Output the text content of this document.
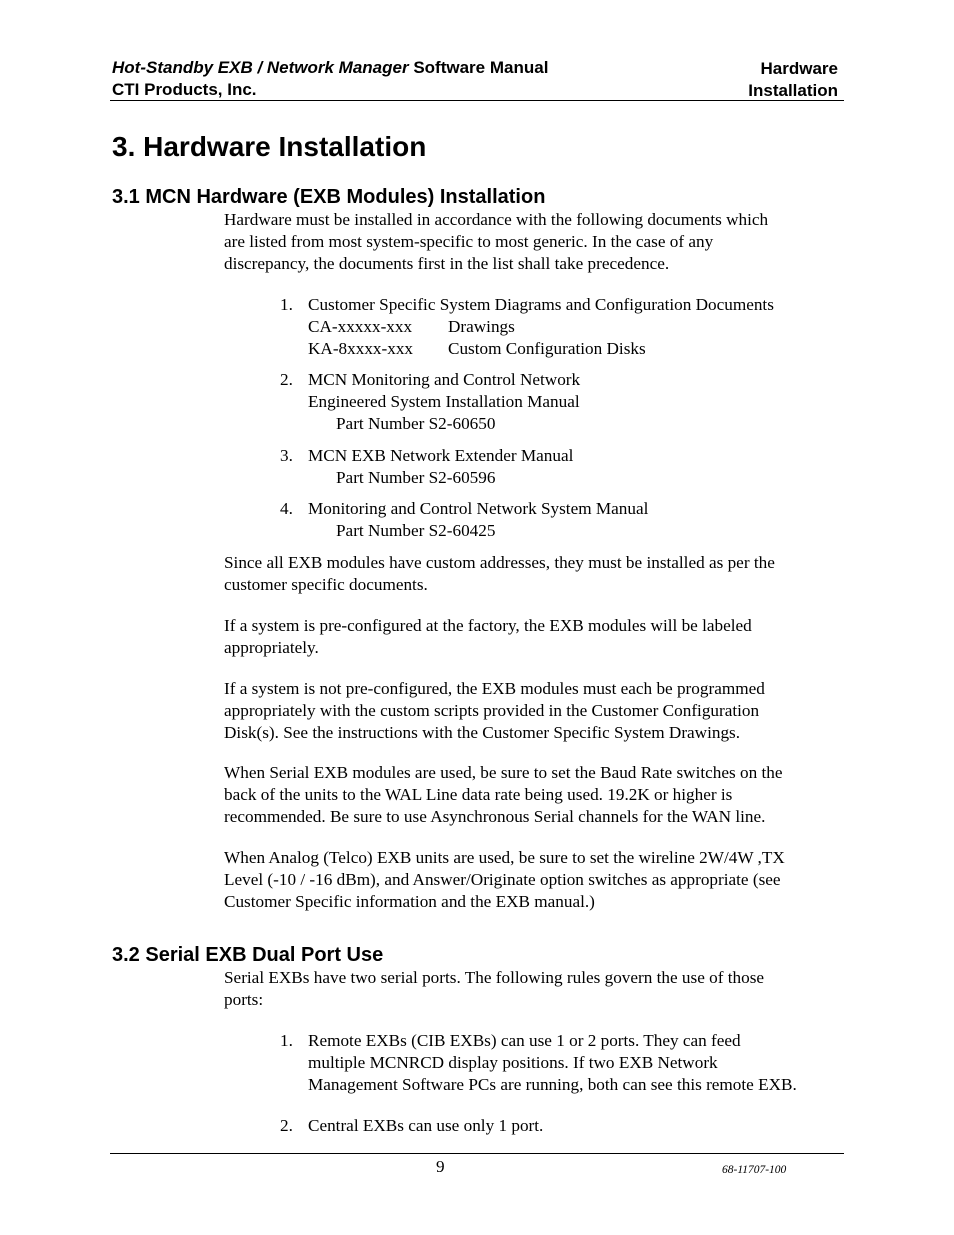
Hot-Standby EXB / Network Manager Software Manual
CTI Products, Inc.
Hardware
Installation
3. Hardware Installation
3.1 MCN Hardware (EXB Modules) Installation
Hardware must be installed in accordance with the following documents which
are listed from most system-specific to most generic. In the case of any
discrepancy, the documents first in the list shall take precedence.
1. Customer Specific System Diagrams and Configuration Documents
CA-xxxxx-xxx Drawings
KA-8xxxx-xxx Custom Configuration Disks
2. MCN Monitoring and Control Network
Engineered System Installation Manual
Part Number S2-60650
3. MCN EXB Network Extender Manual
Part Number S2-60596
4. Monitoring and Control Network System Manual
Part Number S2-60425
Since all EXB modules have custom addresses, they must be installed as per the
customer specific documents.
If a system is pre-configured at the factory, the EXB modules will be labeled
appropriately.
If a system is not pre-configured, the EXB modules must each be programmed
appropriately with the custom scripts provided in the Customer Configuration
Disk(s). See the instructions with the Customer Specific System Drawings.
When Serial EXB modules are used, be sure to set the Baud Rate switches on the
back of the units to the WAL Line data rate being used. 19.2K or higher is
recommended. Be sure to use Asynchronous Serial channels for the WAN line.
When Analog (Telco) EXB units are used, be sure to set the wireline 2W/4W ,TX
Level (-10 / -16 dBm), and Answer/Originate option switches as appropriate (see
Customer Specific information and the EXB manual.)
3.2 Serial EXB Dual Port Use
Serial EXBs have two serial ports. The following rules govern the use of those
ports:
1. Remote EXBs (CIB EXBs) can use 1 or 2 ports. They can feed
multiple MCNRCD display positions. If two EXB Network
Management Software PCs are running, both can see this remote EXB.
2. Central EXBs can use only 1 port.
9	68-11707-100
